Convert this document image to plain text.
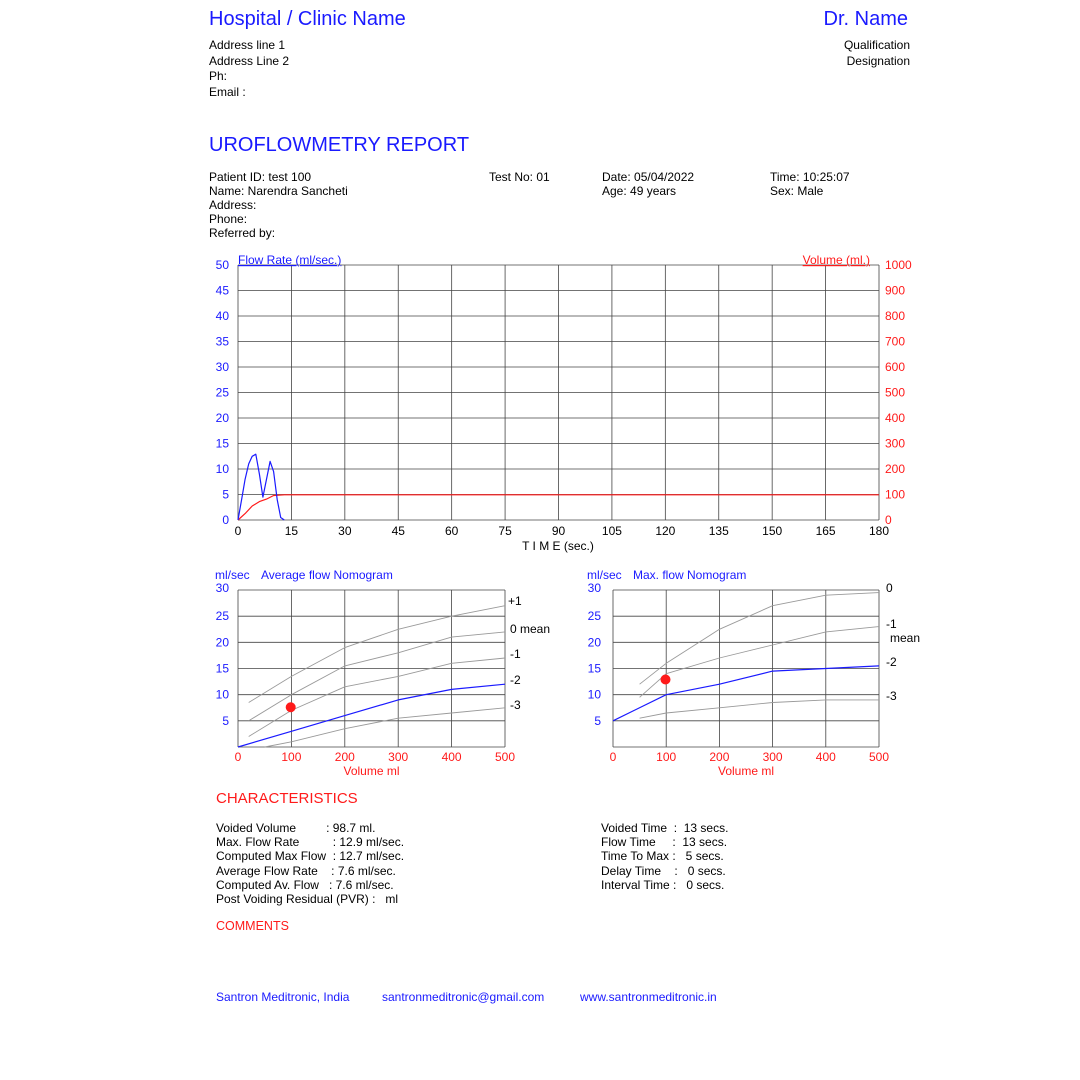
Hospital / Clinic Name	Dr. Name
Address line 1
Address Line 2
Ph:
Email :
Qualification
Designation
UROFLOWMETRY REPORT
Patient ID: test 100
Name: Narendra Sancheti
Address:
Phone:
Referred by:
Test No: 01	Date: 05/04/2022
Age: 49 years
Time: 10:25:07
Sex: Male
0	15	30	45	60	75	90	105	120	135	150	165	180
0
5
10
15
20
25
30
35
40
45
50
0
100
200
300
400
500
600
700
800
900
1000
Flow Rate (ml/sec.)	Volume (ml.)
T I M E (sec.)
0	100	200	300	400	500
5
10
15
20
25
30
ml/sec Average flow Nomogram
Volume ml
+1
0 mean
-1
-2
-3
0	100	200	300	400	500
5
10
15
20
25
30
ml/sec Max. flow Nomogram
Volume ml
0
-1
mean
-2
-3
CHARACTERISTICS
Voided Volume         : 98.7 ml.
Max. Flow Rate          : 12.9 ml/sec.
Computed Max Flow  : 12.7 ml/sec.
Average Flow Rate    : 7.6 ml/sec.
Computed Av. Flow   : 7.6 ml/sec.
Post Voiding Residual (PVR) :   ml
Voided Time  :  13 secs.
Flow Time     :  13 secs.
Time To Max :   5 secs.
Delay Time    :   0 secs.
Interval Time :   0 secs.
COMMENTS
Santron Meditronic, India	santronmeditronic@gmail.com	www.santronmeditronic.in
